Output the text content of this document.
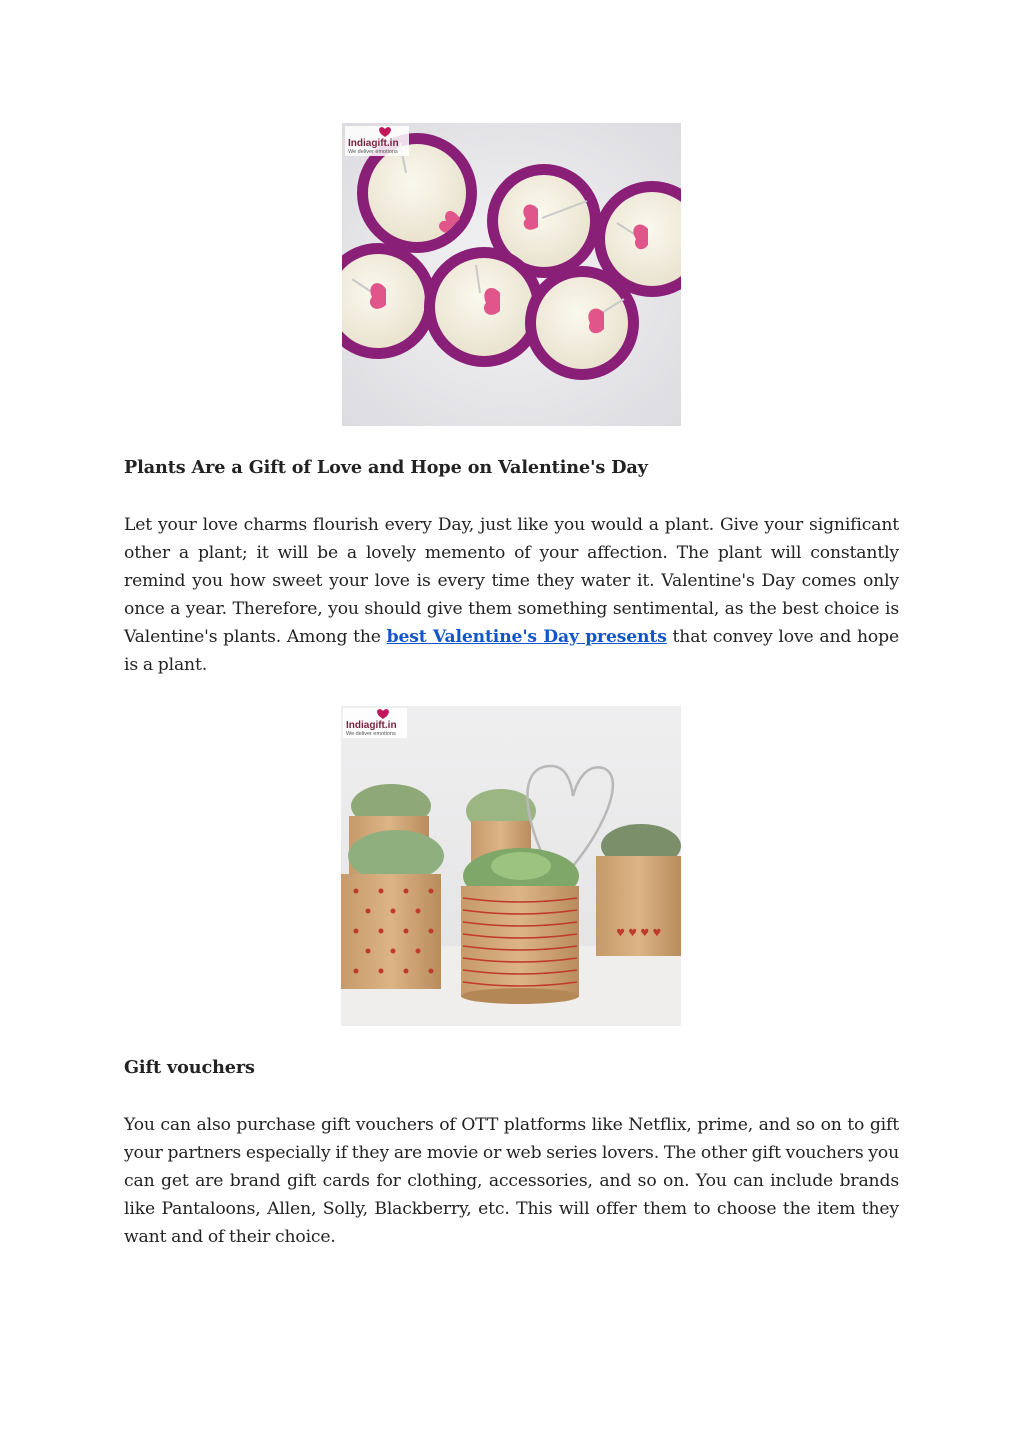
Indiagift.in
We deliver emotions
Plants Are a Gift of Love and Hope on Valentine's Day

Let your love charms flourish every Day, just like you would a plant. Give your significant other a plant; it will be a lovely memento of your affection. The plant will constantly remind you how sweet your love is every time they water it. Valentine's Day comes only once a year. Therefore, you should give them something sentimental, as the best choice is Valentine's plants. Among the best Valentine's Day presents that convey love and hope is a plant.

♥ ♥ ♥ ♥
Indiagift.in
We deliver emotions
Gift vouchers

You can also purchase gift vouchers of OTT platforms like Netflix, prime, and so on to gift your partners especially if they are movie or web series lovers. The other gift vouchers you can get are brand gift cards for clothing, accessories, and so on. You can include brands like Pantaloons, Allen, Solly, Blackberry, etc. This will offer them to choose the item they want and of their choice.
